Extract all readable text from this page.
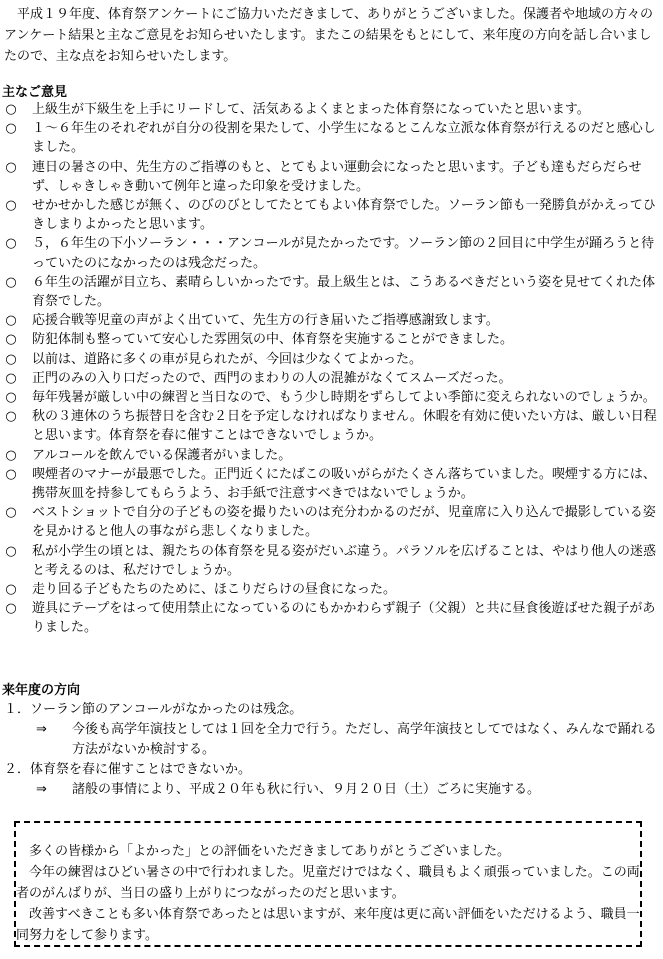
平成１９年度、体育祭アンケートにご協力いただきまして、ありがとうございました。保護者や地域の方々のアンケート結果と主なご意見をお知らせいたします。またこの結果をもとにして、来年度の方向を話し合いましたので、主な点をお知らせいたします。

主なご意見
○ 上級生が下級生を上手にリードして、活気あるよくまとまった体育祭になっていたと思います。
○ １～６年生のそれぞれが自分の役割を果たして、小学生になるとこんな立派な体育祭が行えるのだと感心しました。
○ 連日の暑さの中、先生方のご指導のもと、とてもよい運動会になったと思います。子ども達もだらだらせず、しゃきしゃき動いて例年と違った印象を受けました。
○ せかせかした感じが無く、のびのびとしてたとてもよい体育祭でした。ソーラン節も一発勝負がかえってひきしまりよかったと思います。
○ ５，６年生の下小ソーラン・・・アンコールが見たかったです。ソーラン節の２回目に中学生が踊ろうと待っていたのになかったのは残念だった。
○ ６年生の活躍が目立ち、素晴らしいかったです。最上級生とは、こうあるべきだという姿を見せてくれた体育祭でした。
○ 応援合戦等児童の声がよく出ていて、先生方の行き届いたご指導感謝致します。
○ 防犯体制も整っていて安心した雰囲気の中、体育祭を実施することができました。
○ 以前は、道路に多くの車が見られたが、今回は少なくてよかった。
○ 正門のみの入り口だったので、西門のまわりの人の混雑がなくてスムーズだった。
○ 毎年残暑が厳しい中の練習と当日なので、もう少し時期をずらしてよい季節に変えられないのでしょうか。
○ 秋の３連休のうち振替日を含む２日を予定しなければなりません。休暇を有効に使いたい方は、厳しい日程と思います。体育祭を春に催すことはできないでしょうか。
○ アルコールを飲んでいる保護者がいました。
○ 喫煙者のマナーが最悪でした。正門近くにたばこの吸いがらがたくさん落ちていました。喫煙する方には、携帯灰皿を持参してもらうよう、お手紙で注意すべきではないでしょうか。
○ ベストショットで自分の子どもの姿を撮りたいのは充分わかるのだが、児童席に入り込んで撮影している姿を見かけると他人の事ながら悲しくなりました。
○ 私が小学生の頃とは、親たちの体育祭を見る姿がだいぶ違う。パラソルを広げることは、やはり他人の迷惑と考えるのは、私だけでしょうか。
○ 走り回る子どもたちのために、ほこりだらけの昼食になった。
○ 遊具にテープをはって使用禁止になっているのにもかかわらず親子（父親）と共に昼食後遊ばせた親子がありました。
来年度の方向
１． ソーラン節のアンコールがなかったのは残念。
⇒	今後も高学年演技としては１回を全力で行う。ただし、高学年演技としてではなく、みんなで踊れる方法がないか検討する。
２． 体育祭を春に催すことはできないか。
⇒	諸般の事情により、平成２０年も秋に行い、９月２０日（土）ごろに実施する。

多くの皆様から「よかった」との評価をいただきましてありがとうございました。

今年の練習はひどい暑さの中で行われました。児童だけではなく、職員もよく頑張っていました。この両者のがんばりが、当日の盛り上がりにつながったのだと思います。

改善すべきことも多い体育祭であったとは思いますが、来年度は更に高い評価をいただけるよう、職員一同努力をして参ります。
